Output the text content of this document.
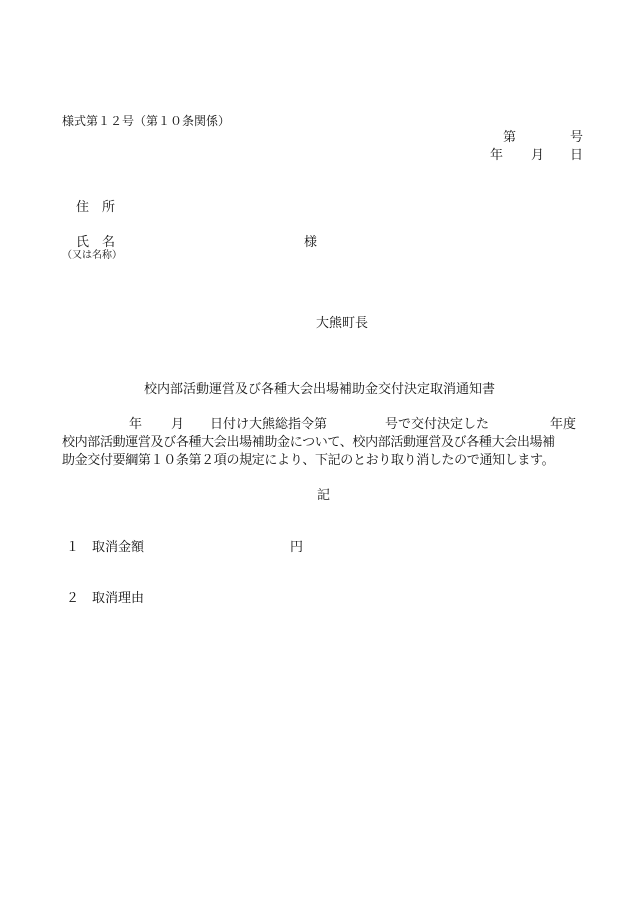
様式第１２号（第１０条関係）
第	号
年 月 日
住　所
氏　名	様
（又は名称）
大熊町長
校内部活動運営及び各種大会出場補助金交付決定取消通知書
年 月 日付け大熊総指令第	号で交付決定した	年度
校内部活動運営及び各種大会出場補助金について、校内部活動運営及び各種大会出場補
助金交付要綱第１０条第２項の規定により、下記のとおり取り消したので通知します。
記
１　取消金額	円
２　取消理由
